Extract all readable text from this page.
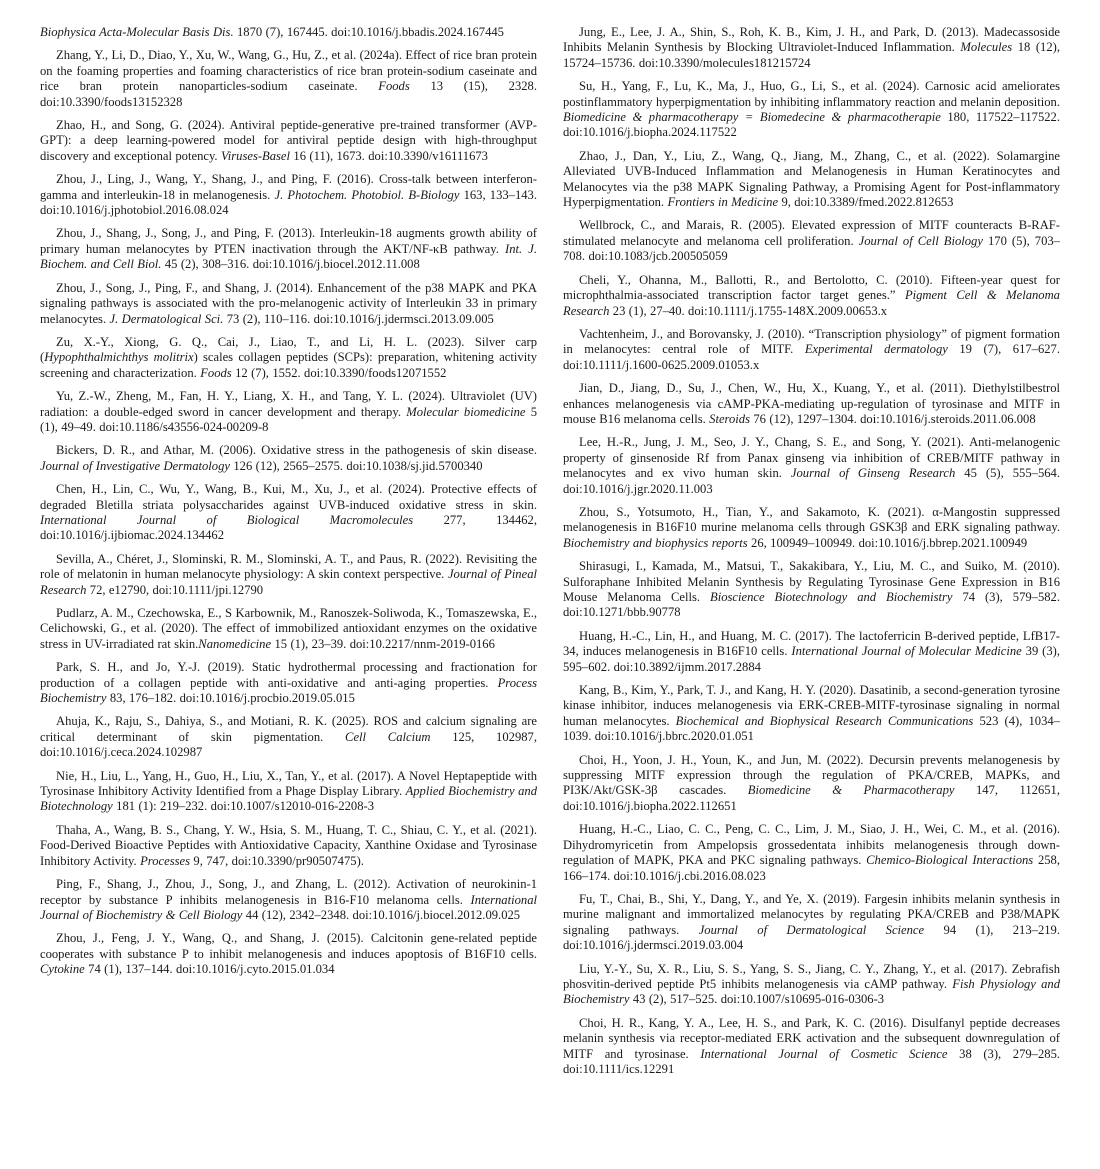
Biophysica Acta-Molecular Basis Dis. 1870 (7), 167445. doi:10.1016/j.bbadis.2024.167445

Zhang, Y., Li, D., Diao, Y., Xu, W., Wang, G., Hu, Z., et al. (2024a). Effect of rice bran protein on the foaming properties and foaming characteristics of rice bran protein-sodium caseinate and rice bran protein nanoparticles-sodium caseinate. Foods 13 (15), 2328. doi:10.3390/foods13152328

Zhao, H., and Song, G. (2024). Antiviral peptide-generative pre-trained transformer (AVP-GPT): a deep learning-powered model for antiviral peptide design with high-throughput discovery and exceptional potency. Viruses-Basel 16 (11), 1673. doi:10.3390/v16111673

Zhou, J., Ling, J., Wang, Y., Shang, J., and Ping, F. (2016). Cross-talk between interferon-gamma and interleukin-18 in melanogenesis. J. Photochem. Photobiol. B-Biology 163, 133–143. doi:10.1016/j.jphotobiol.2016.08.024

Zhou, J., Shang, J., Song, J., and Ping, F. (2013). Interleukin-18 augments growth ability of primary human melanocytes by PTEN inactivation through the AKT/NF-κB pathway. Int. J. Biochem. and Cell Biol. 45 (2), 308–316. doi:10.1016/j.biocel.2012.11.008

Zhou, J., Song, J., Ping, F., and Shang, J. (2014). Enhancement of the p38 MAPK and PKA signaling pathways is associated with the pro-melanogenic activity of Interleukin 33 in primary melanocytes. J. Dermatological Sci. 73 (2), 110–116. doi:10.1016/j.jdermsci.2013.09.005

Zu, X.-Y., Xiong, G. Q., Cai, J., Liao, T., and Li, H. L. (2023). Silver carp (Hypophthalmichthys molitrix) scales collagen peptides (SCPs): preparation, whitening activity screening and characterization. Foods 12 (7), 1552. doi:10.3390/foods12071552

Yu, Z.-W., Zheng, M., Fan, H. Y., Liang, X. H., and Tang, Y. L. (2024). Ultraviolet (UV) radiation: a double-edged sword in cancer development and therapy. Molecular biomedicine 5 (1), 49–49. doi:10.1186/s43556-024-00209-8

Bickers, D. R., and Athar, M. (2006). Oxidative stress in the pathogenesis of skin disease. Journal of Investigative Dermatology 126 (12), 2565–2575. doi:10.1038/sj.jid.5700340

Chen, H., Lin, C., Wu, Y., Wang, B., Kui, M., Xu, J., et al. (2024). Protective effects of degraded Bletilla striata polysaccharides against UVB-induced oxidative stress in skin. International Journal of Biological Macromolecules 277, 134462, doi:10.1016/j.ijbiomac.2024.134462

Sevilla, A., Chéret, J., Slominski, R. M., Slominski, A. T., and Paus, R. (2022). Revisiting the role of melatonin in human melanocyte physiology: A skin context perspective. Journal of Pineal Research 72, e12790, doi:10.1111/jpi.12790

Pudlarz, A. M., Czechowska, E., S Karbownik, M., Ranoszek-Soliwoda, K., Tomaszewska, E., Celichowski, G., et al. (2020). The effect of immobilized antioxidant enzymes on the oxidative stress in UV-irradiated rat skin.Nanomedicine 15 (1), 23–39. doi:10.2217/nnm-2019-0166

Park, S. H., and Jo, Y.-J. (2019). Static hydrothermal processing and fractionation for production of a collagen peptide with anti-oxidative and anti-aging properties. Process Biochemistry 83, 176–182. doi:10.1016/j.procbio.2019.05.015

Ahuja, K., Raju, S., Dahiya, S., and Motiani, R. K. (2025). ROS and calcium signaling are critical determinant of skin pigmentation. Cell Calcium 125, 102987, doi:10.1016/j.ceca.2024.102987

Nie, H., Liu, L., Yang, H., Guo, H., Liu, X., Tan, Y., et al. (2017). A Novel Heptapeptide with Tyrosinase Inhibitory Activity Identified from a Phage Display Library. Applied Biochemistry and Biotechnology 181 (1): 219–232. doi:10.1007/s12010-016-2208-3

Thaha, A., Wang, B. S., Chang, Y. W., Hsia, S. M., Huang, T. C., Shiau, C. Y., et al. (2021). Food-Derived Bioactive Peptides with Antioxidative Capacity, Xanthine Oxidase and Tyrosinase Inhibitory Activity. Processes 9, 747, doi:10.3390/pr90507475).

Ping, F., Shang, J., Zhou, J., Song, J., and Zhang, L. (2012). Activation of neurokinin-1 receptor by substance P inhibits melanogenesis in B16-F10 melanoma cells. International Journal of Biochemistry & Cell Biology 44 (12), 2342–2348. doi:10.1016/j.biocel.2012.09.025

Zhou, J., Feng, J. Y., Wang, Q., and Shang, J. (2015). Calcitonin gene-related peptide cooperates with substance P to inhibit melanogenesis and induces apoptosis of B16F10 cells. Cytokine 74 (1), 137–144. doi:10.1016/j.cyto.2015.01.034

Jung, E., Lee, J. A., Shin, S., Roh, K. B., Kim, J. H., and Park, D. (2013). Madecassoside Inhibits Melanin Synthesis by Blocking Ultraviolet-Induced Inflammation. Molecules 18 (12), 15724–15736. doi:10.3390/molecules181215724

Su, H., Yang, F., Lu, K., Ma, J., Huo, G., Li, S., et al. (2024). Carnosic acid ameliorates postinflammatory hyperpigmentation by inhibiting inflammatory reaction and melanin deposition. Biomedicine & pharmacotherapy = Biomedecine & pharmacotherapie 180, 117522–117522. doi:10.1016/j.biopha.2024.117522

Zhao, J., Dan, Y., Liu, Z., Wang, Q., Jiang, M., Zhang, C., et al. (2022). Solamargine Alleviated UVB-Induced Inflammation and Melanogenesis in Human Keratinocytes and Melanocytes via the p38 MAPK Signaling Pathway, a Promising Agent for Post-inflammatory Hyperpigmentation. Frontiers in Medicine 9, doi:10.3389/fmed.2022.812653

Wellbrock, C., and Marais, R. (2005). Elevated expression of MITF counteracts B-RAF-stimulated melanocyte and melanoma cell proliferation. Journal of Cell Biology 170 (5), 703–708. doi:10.1083/jcb.200505059

Cheli, Y., Ohanna, M., Ballotti, R., and Bertolotto, C. (2010). Fifteen-year quest for microphthalmia-associated transcription factor target genes.” Pigment Cell & Melanoma Research 23 (1), 27–40. doi:10.1111/j.1755-148X.2009.00653.x

Vachtenheim, J., and Borovansky, J. (2010). “Transcription physiology” of pigment formation in melanocytes: central role of MITF. Experimental dermatology 19 (7), 617–627. doi:10.1111/j.1600-0625.2009.01053.x

Jian, D., Jiang, D., Su, J., Chen, W., Hu, X., Kuang, Y., et al. (2011). Diethylstilbestrol enhances melanogenesis via cAMP-PKA-mediating up-regulation of tyrosinase and MITF in mouse B16 melanoma cells. Steroids 76 (12), 1297–1304. doi:10.1016/j.steroids.2011.06.008

Lee, H.-R., Jung, J. M., Seo, J. Y., Chang, S. E., and Song, Y. (2021). Anti-melanogenic property of ginsenoside Rf from Panax ginseng via inhibition of CREB/MITF pathway in melanocytes and ex vivo human skin. Journal of Ginseng Research 45 (5), 555–564. doi:10.1016/j.jgr.2020.11.003

Zhou, S., Yotsumoto, H., Tian, Y., and Sakamoto, K. (2021). α-Mangostin suppressed melanogenesis in B16F10 murine melanoma cells through GSK3β and ERK signaling pathway. Biochemistry and biophysics reports 26, 100949–100949. doi:10.1016/j.bbrep.2021.100949

Shirasugi, I., Kamada, M., Matsui, T., Sakakibara, Y., Liu, M. C., and Suiko, M. (2010). Sulforaphane Inhibited Melanin Synthesis by Regulating Tyrosinase Gene Expression in B16 Mouse Melanoma Cells. Bioscience Biotechnology and Biochemistry 74 (3), 579–582. doi:10.1271/bbb.90778

Huang, H.-C., Lin, H., and Huang, M. C. (2017). The lactoferricin B-derived peptide, LfB17-34, induces melanogenesis in B16F10 cells. International Journal of Molecular Medicine 39 (3), 595–602. doi:10.3892/ijmm.2017.2884

Kang, B., Kim, Y., Park, T. J., and Kang, H. Y. (2020). Dasatinib, a second-generation tyrosine kinase inhibitor, induces melanogenesis via ERK-CREB-MITF-tyrosinase signaling in normal human melanocytes. Biochemical and Biophysical Research Communications 523 (4), 1034–1039. doi:10.1016/j.bbrc.2020.01.051

Choi, H., Yoon, J. H., Youn, K., and Jun, M. (2022). Decursin prevents melanogenesis by suppressing MITF expression through the regulation of PKA/CREB, MAPKs, and PI3K/Akt/GSK-3β cascades. Biomedicine & Pharmacotherapy 147, 112651, doi:10.1016/j.biopha.2022.112651

Huang, H.-C., Liao, C. C., Peng, C. C., Lim, J. M., Siao, J. H., Wei, C. M., et al. (2016). Dihydromyricetin from Ampelopsis grossedentata inhibits melanogenesis through down-regulation of MAPK, PKA and PKC signaling pathways. Chemico-Biological Interactions 258, 166–174. doi:10.1016/j.cbi.2016.08.023

Fu, T., Chai, B., Shi, Y., Dang, Y., and Ye, X. (2019). Fargesin inhibits melanin synthesis in murine malignant and immortalized melanocytes by regulating PKA/CREB and P38/MAPK signaling pathways. Journal of Dermatological Science 94 (1), 213–219. doi:10.1016/j.jdermsci.2019.03.004

Liu, Y.-Y., Su, X. R., Liu, S. S., Yang, S. S., Jiang, C. Y., Zhang, Y., et al. (2017). Zebrafish phosvitin-derived peptide Pt5 inhibits melanogenesis via cAMP pathway. Fish Physiology and Biochemistry 43 (2), 517–525. doi:10.1007/s10695-016-0306-3

Choi, H. R., Kang, Y. A., Lee, H. S., and Park, K. C. (2016). Disulfanyl peptide decreases melanin synthesis via receptor-mediated ERK activation and the subsequent downregulation of MITF and tyrosinase. International Journal of Cosmetic Science 38 (3), 279–285. doi:10.1111/ics.12291
